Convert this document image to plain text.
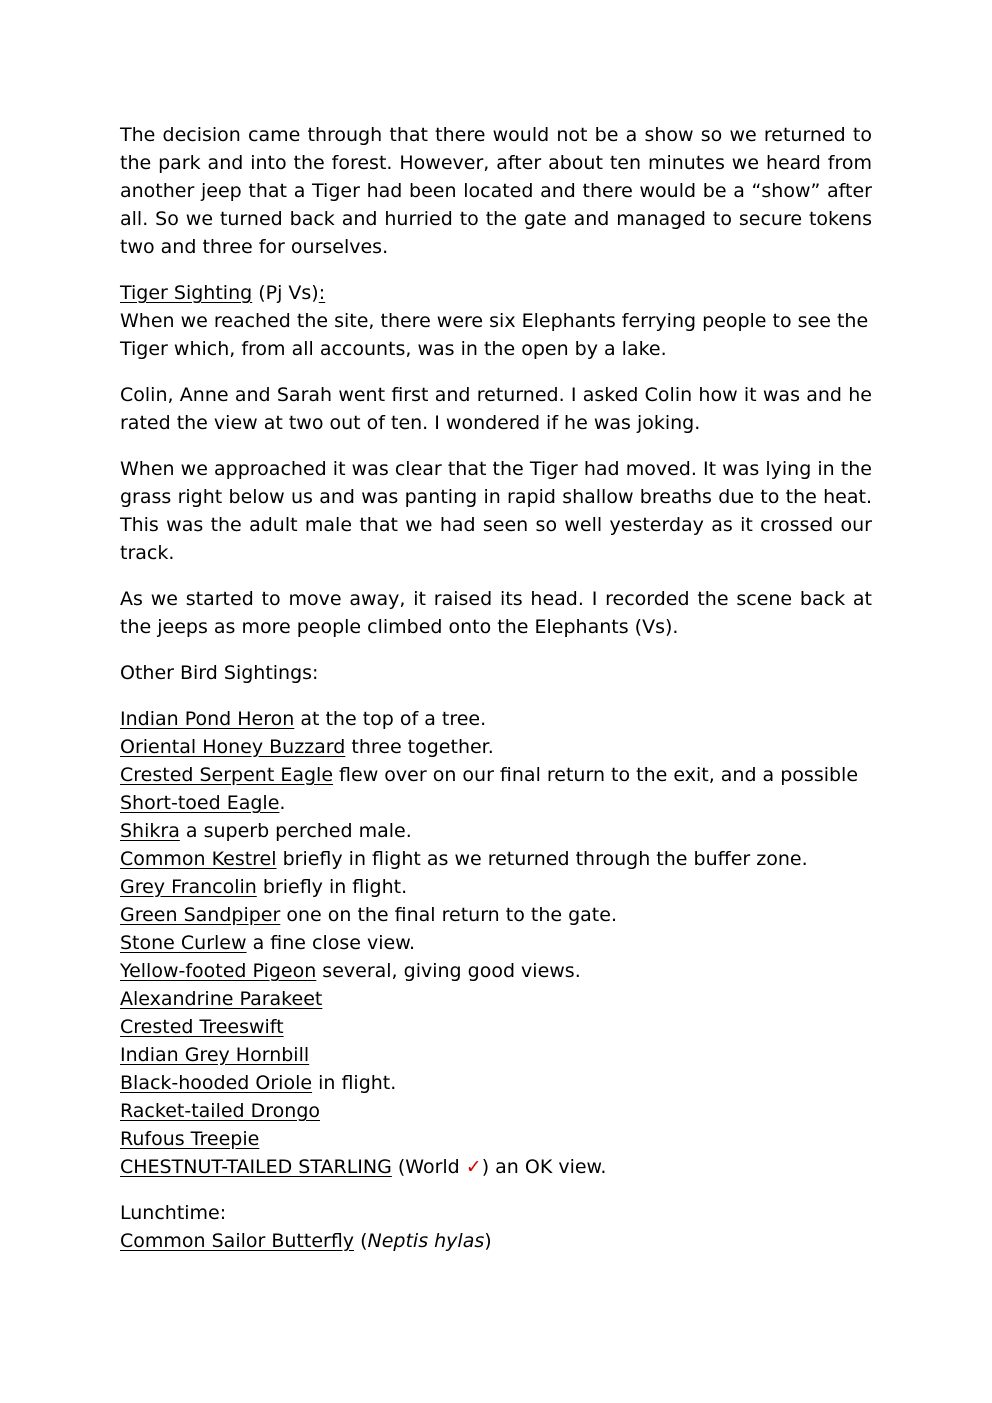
The decision came through that there would not be a show so we returned to the park and into the forest. However, after about ten minutes we heard from another jeep that a Tiger had been located and there would be a “show” after all. So we turned back and hurried to the gate and managed to secure tokens two and three for ourselves.

Tiger Sighting (Pj Vs):
When we reached the site, there were six Elephants ferrying people to see the Tiger which, from all accounts, was in the open by a lake.

Colin, Anne and Sarah went first and returned. I asked Colin how it was and he rated the view at two out of ten. I wondered if he was joking.

When we approached it was clear that the Tiger had moved. It was lying in the grass right below us and was panting in rapid shallow breaths due to the heat. This was the adult male that we had seen so well yesterday as it crossed our track.

As we started to move away, it raised its head. I recorded the scene back at the jeeps as more people climbed onto the Elephants (Vs).

Other Bird Sightings:

Indian Pond Heron at the top of a tree.
Oriental Honey Buzzard three together.
Crested Serpent Eagle flew over on our final return to the exit, and a possible
Short-toed Eagle.
Shikra a superb perched male.
Common Kestrel briefly in flight as we returned through the buffer zone.
Grey Francolin briefly in flight.
Green Sandpiper one on the final return to the gate.
Stone Curlew a fine close view.
Yellow-footed Pigeon several, giving good views.
Alexandrine Parakeet
Crested Treeswift
Indian Grey Hornbill
Black-hooded Oriole in flight.
Racket-tailed Drongo
Rufous Treepie
CHESTNUT-TAILED STARLING (World ✓) an OK view.

Lunchtime:
Common Sailor Butterfly (Neptis hylas)
